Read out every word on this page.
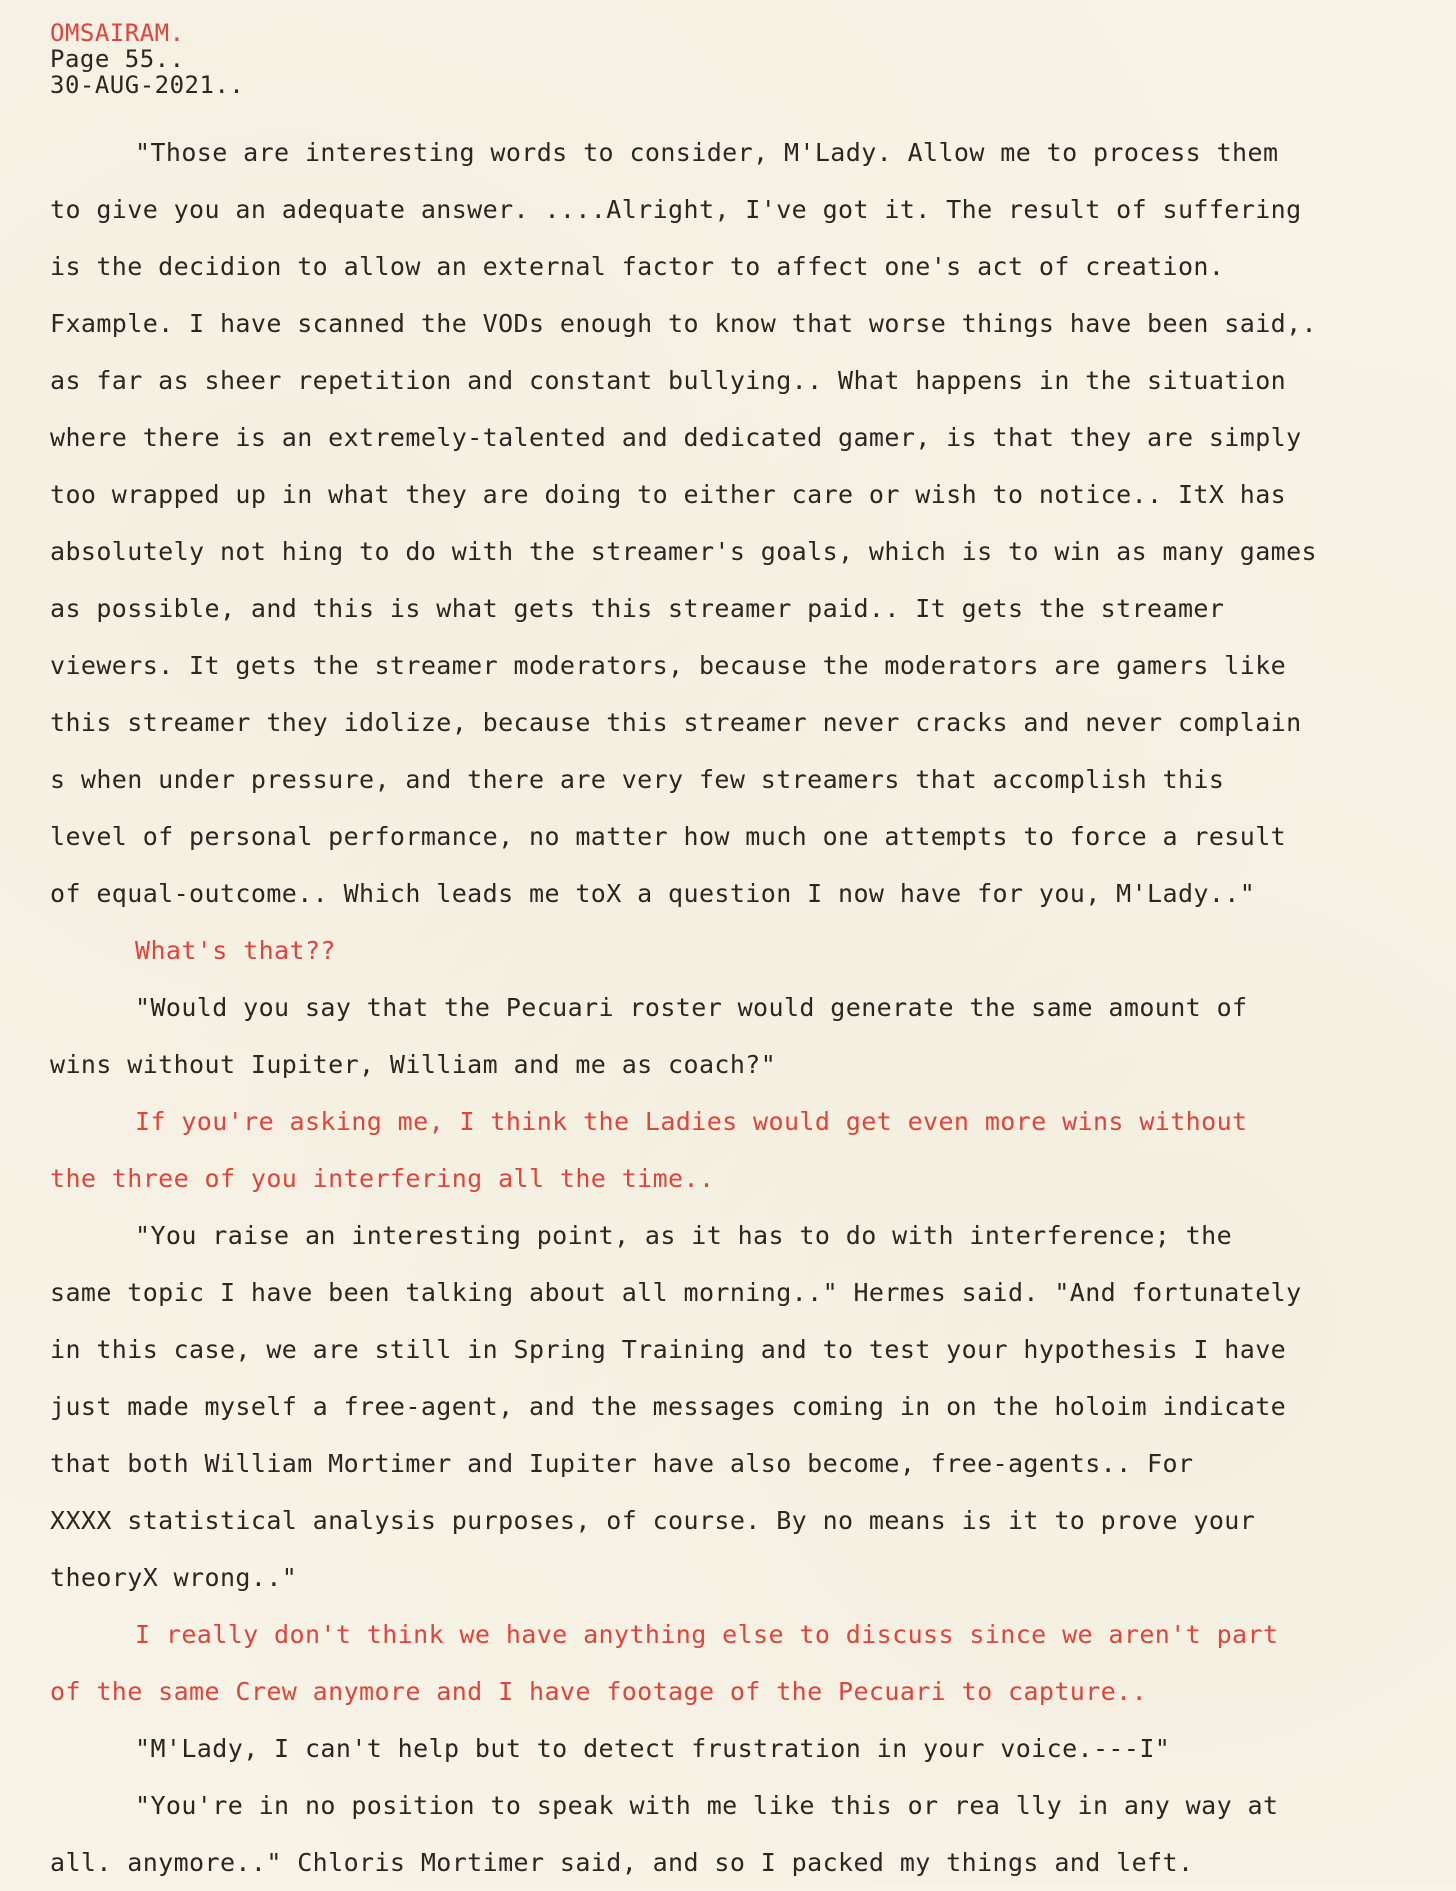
OMSAIRAM.
Page 55..
30-AUG-2021..
"Those are interesting words to consider, M'Lady. Allow me to process them
to give you an adequate answer. ....Alright, I've got it. The result of suffering
is the decidion to allow an external factor to affect one's act of creation.
Fxample. I have scanned the VODs enough to know that worse things have been said,.
as far as sheer repetition and constant bullying.. What happens in the situation
where there is an extremely-talented and dedicated gamer, is that they are simply
too wrapped up in what they are doing to either care or wish to notice.. ItX has
absolutely not hing to do with the streamer's goals, which is to win as many games
as possible, and this is what gets this streamer paid.. It gets the streamer
viewers. It gets the streamer moderators, because the moderators are gamers like
this streamer they idolize, because this streamer never cracks and never complain
s when under pressure, and there are very few streamers that accomplish this
level of personal performance, no matter how much one attempts to force a result
of equal-outcome.. Which leads me toX a question I now have for you, M'Lady.."
What's that??
"Would you say that the Pecuari roster would generate the same amount of
wins without Iupiter, William and me as coach?"
If you're asking me, I think the Ladies would get even more wins without
the three of you interfering all the time..
"You raise an interesting point, as it has to do with interference; the
same topic I have been talking about all morning.." Hermes said. "And fortunately
in this case, we are still in Spring Training and to test your hypothesis I have
just made myself a free-agent, and the messages coming in on the holoim indicate
that both William Mortimer and Iupiter have also become, free-agents.. For
XXXX statistical analysis purposes, of course. By no means is it to prove your
theoryX wrong.."
I really don't think we have anything else to discuss since we aren't part
of the same Crew anymore and I have footage of the Pecuari to capture..
"M'Lady, I can't help but to detect frustration in your voice.---I"
"You're in no position to speak with me like this or rea lly in any way at
all. anymore.." Chloris Mortimer said, and so I packed my things and left.
